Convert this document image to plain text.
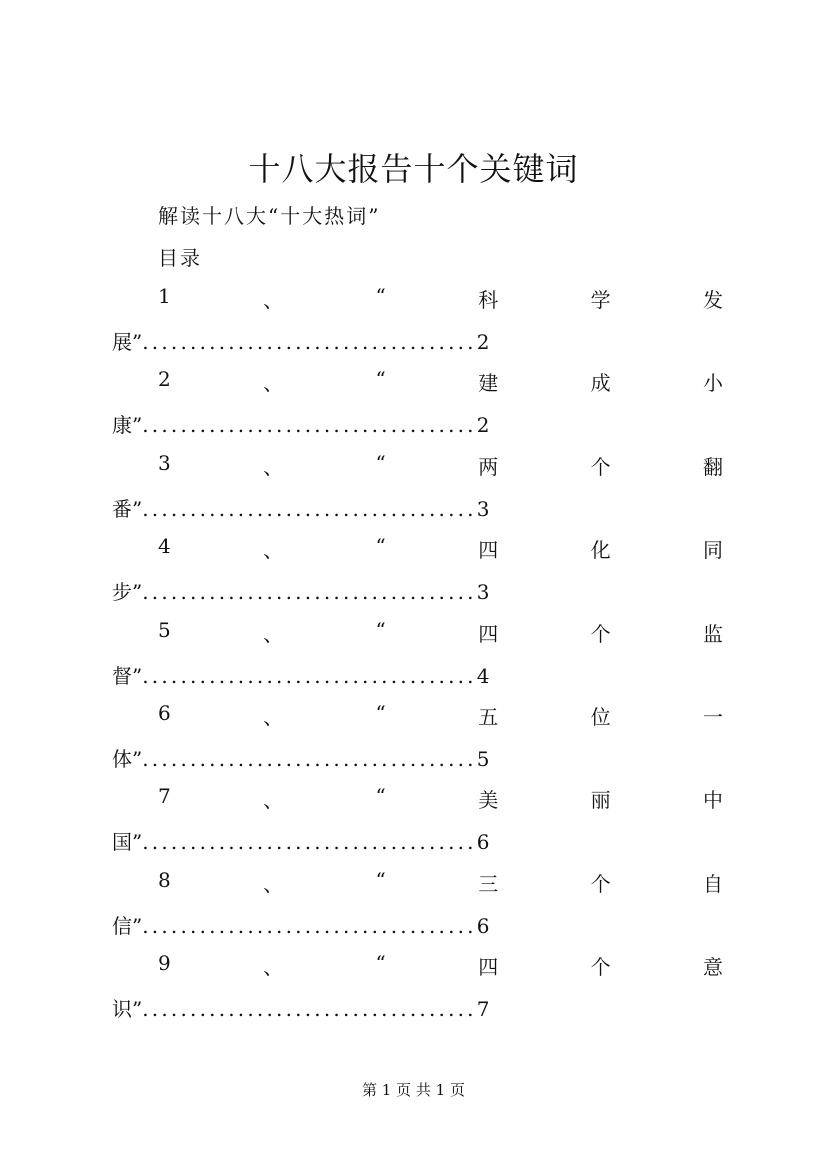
十八大报告十个关键词
解读十八大“十大热词”
目录
1	、	“	科	学	发
展”...................................2
2	、	“	建	成	小
康”...................................2
3	、	“	两	个	翻
番”...................................3
4	、	“	四	化	同
步”...................................3
5	、	“	四	个	监
督”...................................4
6	、	“	五	位	一
体”...................................5
7	、	“	美	丽	中
国”...................................6
8	、	“	三	个	自
信”...................................6
9	、	“	四	个	意
识”...................................7
第 1 页 共 1 页
